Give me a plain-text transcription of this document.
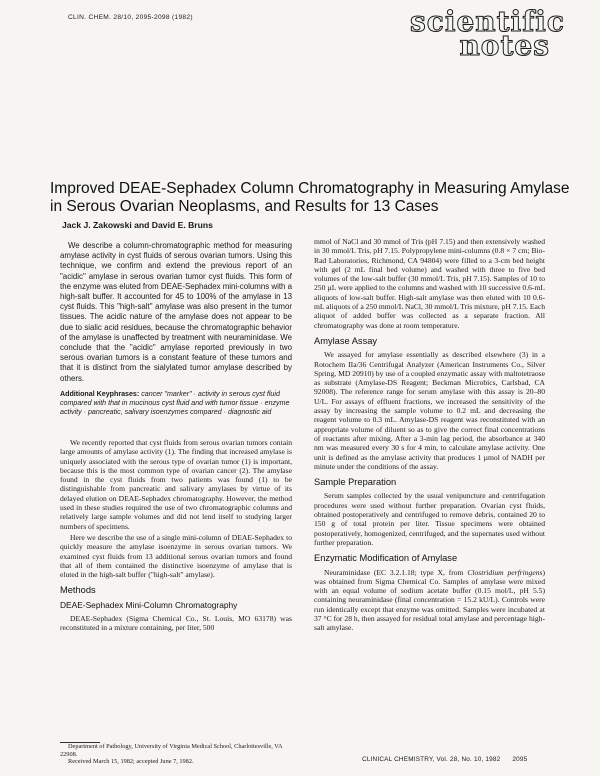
CLIN. CHEM. 28/10, 2095-2098 (1982)	scientific
notes
Improved DEAE-Sephadex Column Chromatography in Measuring Amylase in Serous Ovarian Neoplasms, and Results for 13 Cases
Jack J. Zakowski and David E. Bruns

We describe a column-chromatographic method for measuring amylase activity in cyst fluids of serous ovarian tumors. Using this technique, we confirm and extend the previous report of an "acidic" amylase in serous ovarian tumor cyst fluids. This form of the enzyme was eluted from DEAE-Sephadex mini-columns with a high-salt buffer. It accounted for 45 to 100% of the amylase in 13 cyst fluids. This "high-salt" amylase was also present in the tumor tissues. The acidic nature of the amylase does not appear to be due to sialic acid residues, because the chromatographic behavior of the amylase is unaffected by treatment with neuraminidase. We conclude that the "acidic" amylase reported previously in two serous ovarian tumors is a constant feature of these tumors and that it is distinct from the sialylated tumor amylase described by others.

Additional Keyphrases: cancer "marker" · activity in serous cyst fluid compared with that in mucinous cyst fluid and with tumor tissue · enzyme activity · pancreatic, salivary isoenzymes compared · diagnostic aid

We recently reported that cyst fluids from serous ovarian tumors contain large amounts of amylase activity (1). The finding that increased amylase is uniquely associated with the serous type of ovarian tumor (1) is important, because this is the most common type of ovarian cancer (2). The amylase found in the cyst fluids from two patients was found (1) to be distinguishable from pancreatic and salivary amylases by virtue of its delayed elution on DEAE-Sephadex chromatography. However, the method used in these studies required the use of two chromatographic columns and relatively large sample volumes and did not lend itself to studying larger numbers of specimens.

Here we describe the use of a single mini-column of DEAE-Sephadex to quickly measure the amylase isoenzyme in serous ovarian tumors. We examined cyst fluids from 13 additional serous ovarian tumors and found that all of them contained the distinctive isoenzyme of amylase that is eluted in the high-salt buffer ("high-salt" amylase).

Methods
DEAE-Sephadex Mini-Column Chromatography

DEAE-Sephadex (Sigma Chemical Co., St. Louis, MO 63178) was reconstituted in a mixture containing, per liter, 500

Department of Pathology, University of Virginia Medical School, Charlottesville, VA 22908.
Received March 15, 1982; accepted June 7, 1982.

mmol of NaCl and 30 mmol of Tris (pH 7.15) and then extensively washed in 30 mmol/L Tris, pH 7.15. Polypropylene mini-columns (0.8 × 7 cm; Bio-Rad Laboratories, Richmond, CA 94804) were filled to a 3-cm bed height with gel (2 mL final bed volume) and washed with three to five bed volumes of the low-salt buffer (30 mmol/L Tris, pH 7.15). Samples of 10 to 250 µL were applied to the columns and washed with 10 successive 0.6-mL aliquots of low-salt buffer. High-salt amylase was then eluted with 10 0.6-mL aliquots of a 250 mmol/L NaCl, 30 mmol/L Tris mixture, pH 7.15. Each aliquot of added buffer was collected as a separate fraction. All chromatography was done at room temperature.

Amylase Assay

We assayed for amylase essentially as described elsewhere (3) in a Rotochem IIa/36 Centrifugal Analyzer (American Instruments Co., Silver Spring, MD 20910) by use of a coupled enzymatic assay with maltotetraose as substrate (Amylase-DS Reagent; Beckman Microbics, Carlsbad, CA 92008). The reference range for serum amylase with this assay is 20–80 U/L. For assays of effluent fractions, we increased the sensitivity of the assay by increasing the sample volume to 0.2 mL and decreasing the reagent volume to 0.3 mL. Amylase-DS reagent was reconstituted with an appropriate volume of diluent so as to give the correct final concentrations of reactants after mixing. After a 3-min lag period, the absorbance at 340 nm was measured every 30 s for 4 min, to calculate amylase activity. One unit is defined as the amylase activity that produces 1 µmol of NADH per minute under the conditions of the assay.

Sample Preparation

Serum samples collected by the usual venipuncture and centrifugation procedures were used without further preparation. Ovarian cyst fluids, obtained postoperatively and centrifuged to remove debris, contained 20 to 150 g of total protein per liter. Tissue specimens were obtained postoperatively, homogenized, centrifuged, and the supernates used without further preparation.

Enzymatic Modification of Amylase

Neuraminidase (EC 3.2.1.18; type X, from Clostridium perfringens) was obtained from Sigma Chemical Co. Samples of amylase were mixed with an equal volume of sodium acetate buffer (0.15 mol/L, pH 5.5) containing neuraminidase (final concentration = 15.2 kU/L). Controls were run identically except that enzyme was omitted. Samples were incubated at 37 °C for 28 h, then assayed for residual total amylase and percentage high-salt amylase.

CLINICAL CHEMISTRY, Vol. 28, No. 10, 1982 2095
